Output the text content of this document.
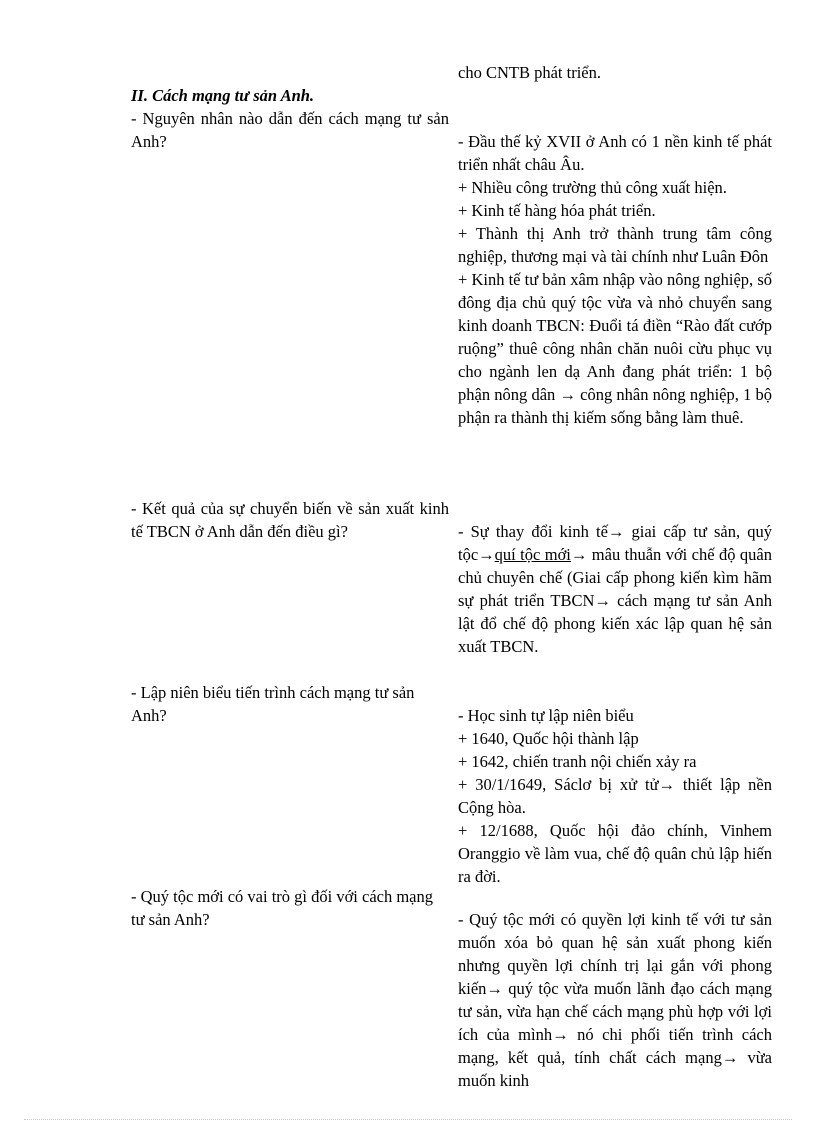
cho CNTB phát triển.
II. Cách mạng tư sản Anh.
- Nguyên nhân nào dẫn đến cách mạng tư sản Anh?	- Đầu thế kỷ XVII ở Anh có 1 nền kinh tế phát triển nhất châu Âu.
+ Nhiều công trường thủ công xuất hiện.
+ Kinh tế hàng hóa phát triển.
+ Thành thị Anh trở thành trung tâm công nghiệp, thương mại và tài chính như Luân Đôn
+ Kinh tế tư bản xâm nhập vào nông nghiệp, số đông địa chủ quý tộc vừa và nhỏ chuyển sang kinh doanh TBCN: Đuổi tá điền “Rào đất cướp ruộng” thuê công nhân chăn nuôi cừu phục vụ cho ngành len dạ Anh đang phát triển: 1 bộ phận nông dân → công nhân nông nghiệp, 1 bộ phận ra thành thị kiếm sống bằng làm thuê.
- Kết quả của sự chuyển biến về sản xuất kinh tế TBCN ở Anh dẫn đến điều gì?	- Sự thay đổi kinh tế→ giai cấp tư sản, quý tộc→quí tộc mới→ mâu thuẫn với chế độ quân chủ chuyên chế (Giai cấp phong kiến kìm hãm sự phát triển TBCN→ cách mạng tư sản Anh lật đổ chế độ phong kiến xác lập quan hệ sản xuất TBCN.
- Lập niên biểu tiến trình cách mạng tư sản Anh?	- Học sinh tự lập niên biểu
+ 1640, Quốc hội thành lập
+ 1642, chiến tranh nội chiến xảy ra
+ 30/1/1649, Sáclơ bị xử tử→ thiết lập nền Cộng hòa.
+ 12/1688, Quốc hội đảo chính, Vinhem Oranggio về làm vua, chế độ quân chủ lập hiến ra đời.
- Quý tộc mới có vai trò gì đối với cách mạng tư sản Anh?	- Quý tộc mới có quyền lợi kinh tế với tư sản muốn xóa bỏ quan hệ sản xuất phong kiến nhưng quyền lợi chính trị lại gắn với phong kiến→ quý tộc vừa muốn lãnh đạo cách mạng tư sản, vừa hạn chế cách mạng phù hợp với lợi ích của mình→ nó chi phối tiến trình cách mạng, kết quả, tính chất cách mạng→ vừa muốn kinh
